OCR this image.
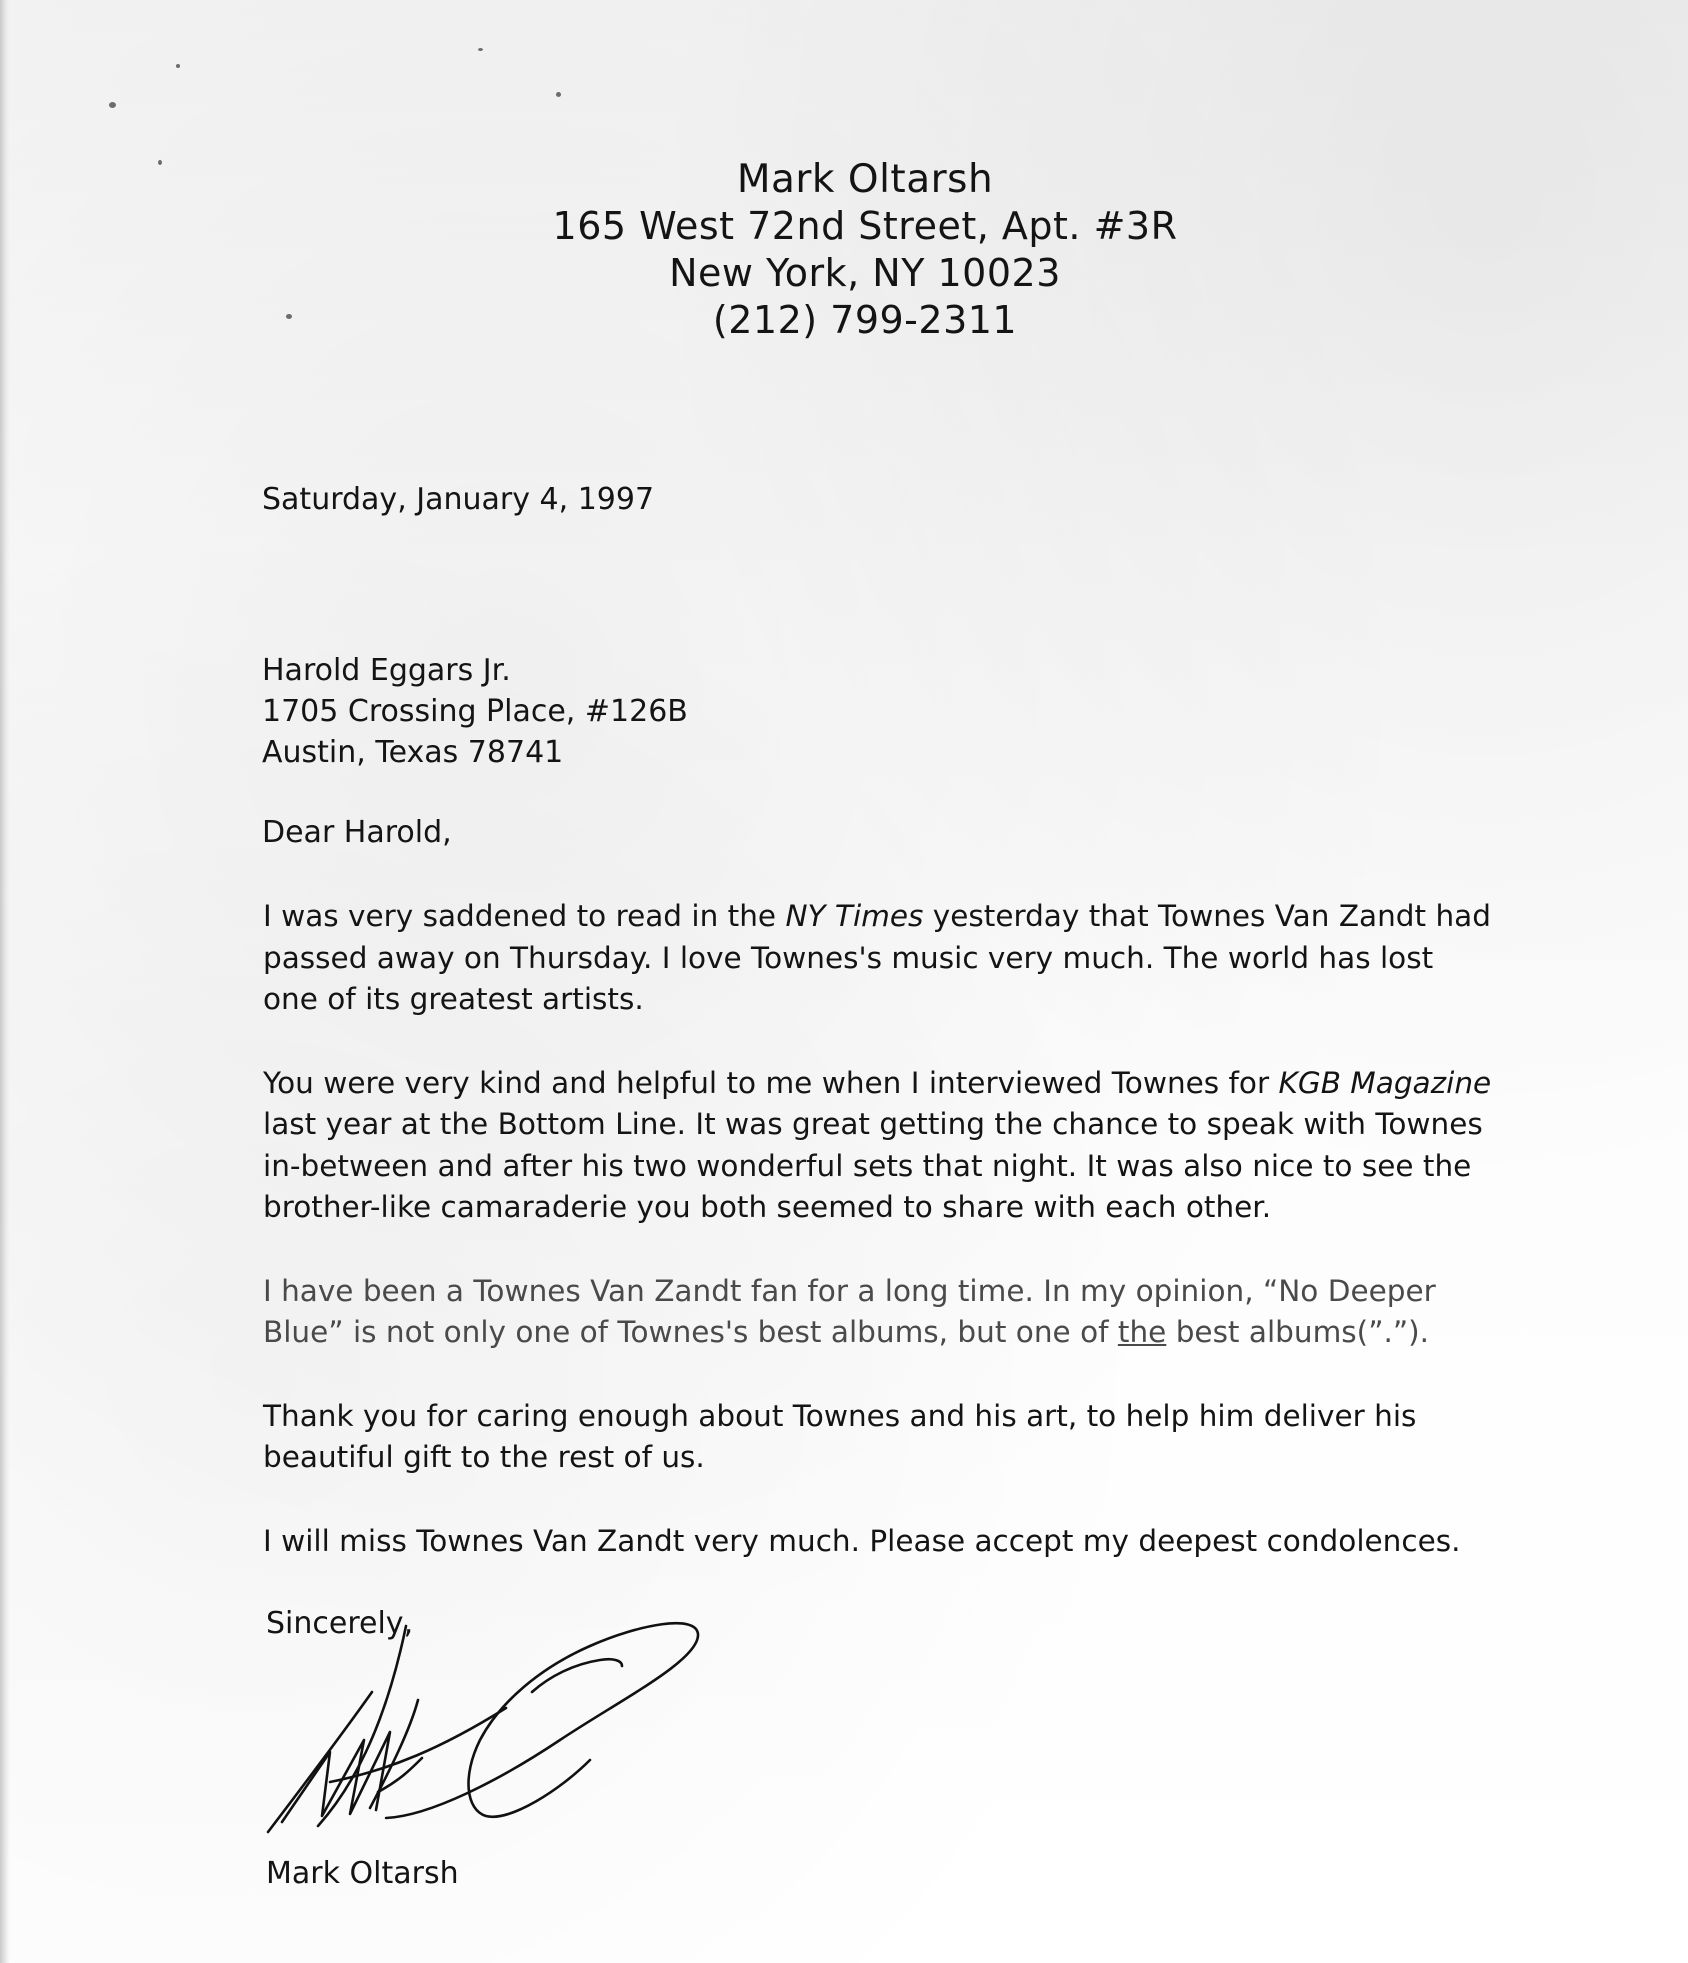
Mark Oltarsh
165 West 72nd Street, Apt. #3R
New York, NY 10023
(212) 799-2311
Saturday, January 4, 1997
Harold Eggars Jr.
1705 Crossing Place, #126B
Austin, Texas 78741
Dear Harold,
I was very saddened to read in the NY Times yesterday that Townes Van Zandt had
passed away on Thursday. I love Townes's music very much. The world has lost
one of its greatest artists.
You were very kind and helpful to me when I interviewed Townes for KGB Magazine
last year at the Bottom Line. It was great getting the chance to speak with Townes
in-between and after his two wonderful sets that night. It was also nice to see the
brother-like camaraderie you both seemed to share with each other.
I have been a Townes Van Zandt fan for a long time. In my opinion, “No Deeper
Blue” is not only one of Townes's best albums, but one of the best albums(”.”).
Thank you for caring enough about Townes and his art, to help him deliver his
beautiful gift to the rest of us.
I will miss Townes Van Zandt very much. Please accept my deepest condolences.
Sincerely,
Mark Oltarsh
